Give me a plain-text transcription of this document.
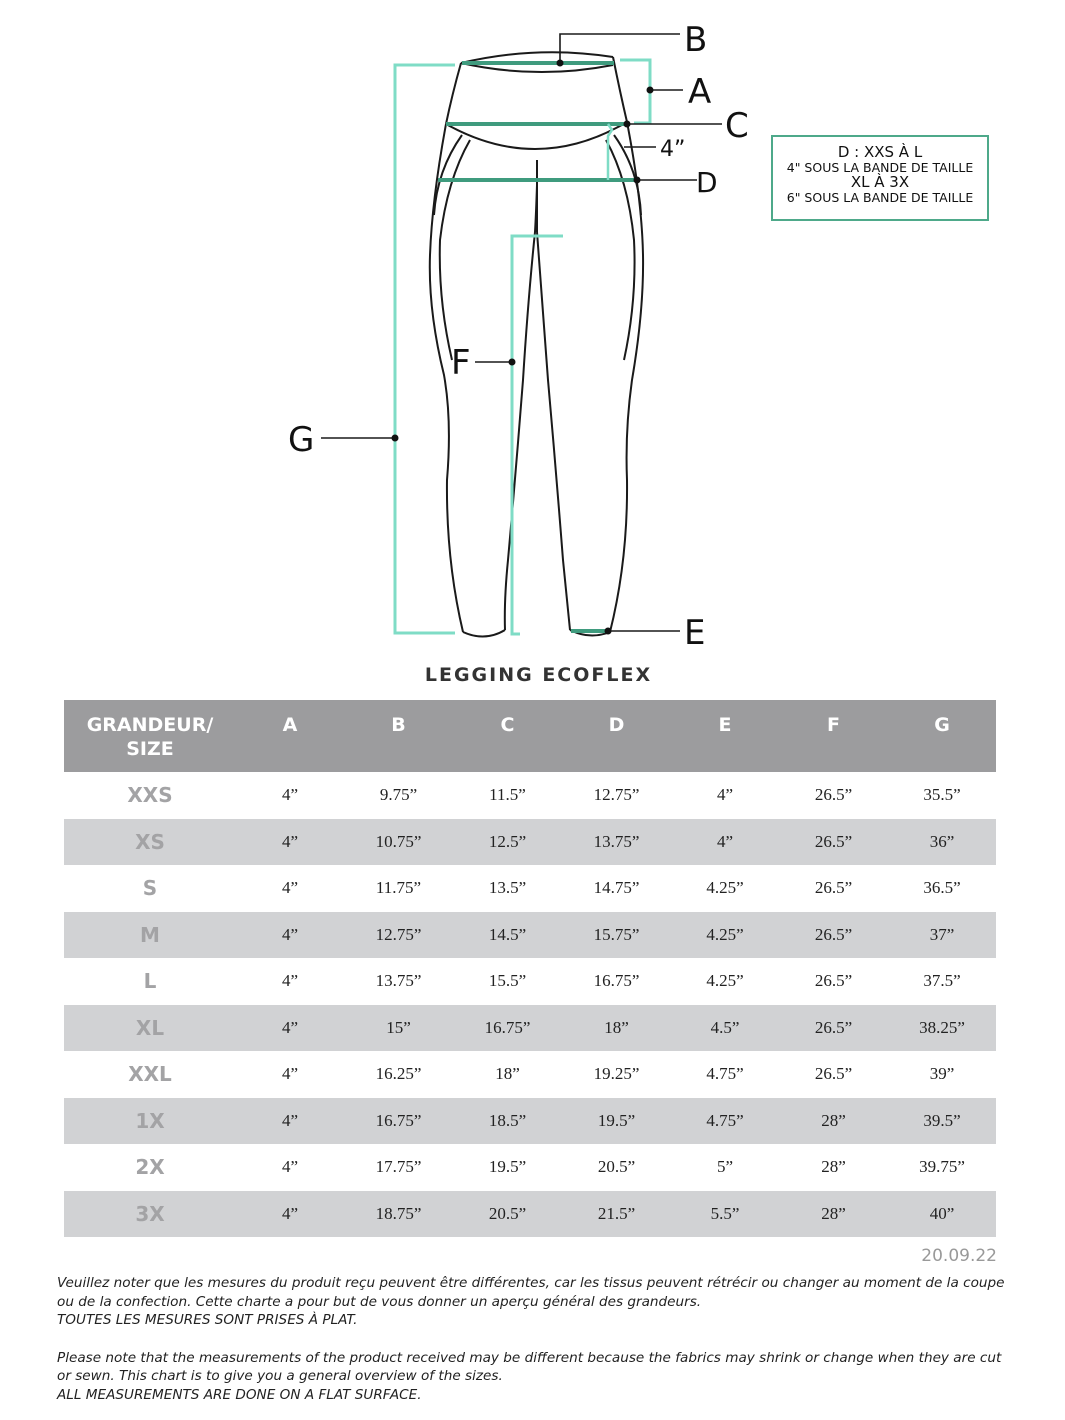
B
A
C
4”
D
E
F
G
D : XXS À L
4" SOUS LA BANDE DE TAILLE
XL À 3X
6" SOUS LA BANDE DE TAILLE
LEGGING ECOFLEX
GRANDEUR/
SIZE	A	B	C	D	E	F	G
XXS	4”	9.75”	11.5”	12.75”	4”	26.5”	35.5”
XS	4”	10.75”	12.5”	13.75”	4”	26.5”	36”
S	4”	11.75”	13.5”	14.75”	4.25”	26.5”	36.5”
M	4”	12.75”	14.5”	15.75”	4.25”	26.5”	37”
L	4”	13.75”	15.5”	16.75”	4.25”	26.5”	37.5”
XL	4”	15”	16.75”	18”	4.5”	26.5”	38.25”
XXL	4”	16.25”	18”	19.25”	4.75”	26.5”	39”
1X	4”	16.75”	18.5”	19.5”	4.75”	28”	39.5”
2X	4”	17.75”	19.5”	20.5”	5”	28”	39.75”
3X	4”	18.75”	20.5”	21.5”	5.5”	28”	40”
20.09.22

Veuillez noter que les mesures du produit reçu peuvent être différentes, car les tissus peuvent rétrécir ou changer au moment de la coupe

ou de la confection. Cette charte a pour but de vous donner un aperçu général des grandeurs.

TOUTES LES MESURES SONT PRISES À PLAT.

Please note that the measurements of the product received may be different because the fabrics may shrink or change when they are cut

or sewn. This chart is to give you a general overview of the sizes.

ALL MEASUREMENTS ARE DONE ON A FLAT SURFACE.
